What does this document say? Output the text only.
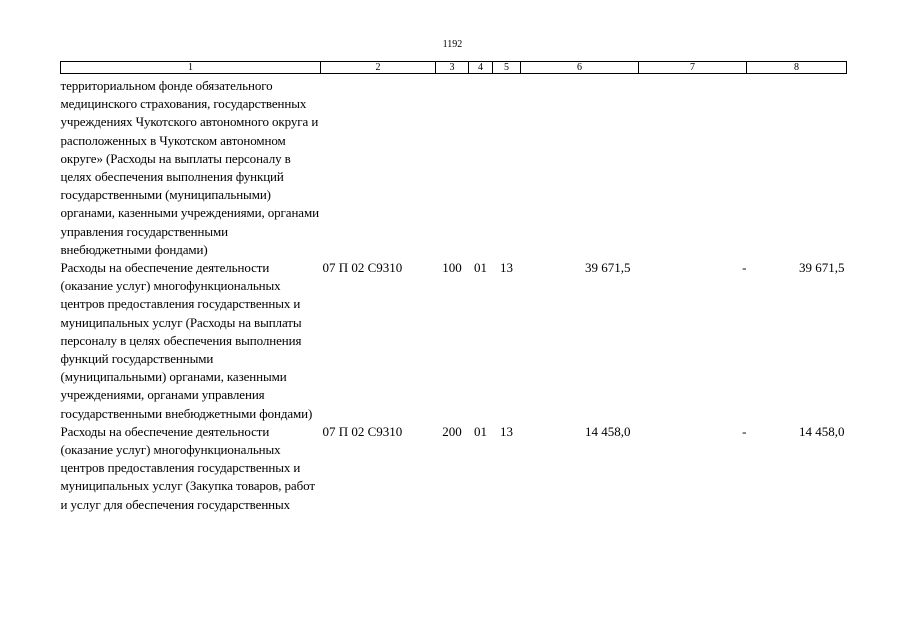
1192
1	2	3	4	5	6	7	8
территориальном фонде обязательного медицинского страхования, государственных учреждениях Чукотского автономного округа и расположенных в Чукотском автономном округе» (Расходы на выплаты персоналу в целях обеспечения выполнения функций государственными (муниципальными) органами, казенными учреждениями, органами управления государственными внебюджетными фондами)							
Расходы на обеспечение деятельности (оказание услуг) многофункциональных центров предоставления государственных и муниципальных услуг (Расходы на выплаты персоналу в целях обеспечения выполнения функций государственными (муниципальными) органами, казенными учреждениями, органами управления государственными внебюджетными фондами)	07 П 02 С9310	100	01	13	39 671,5	-	39 671,5
Расходы на обеспечение деятельности (оказание услуг) многофункциональных центров предоставления государственных и муниципальных услуг (Закупка товаров, работ и услуг для обеспечения государственных	07 П 02 С9310	200	01	13	14 458,0	-	14 458,0
